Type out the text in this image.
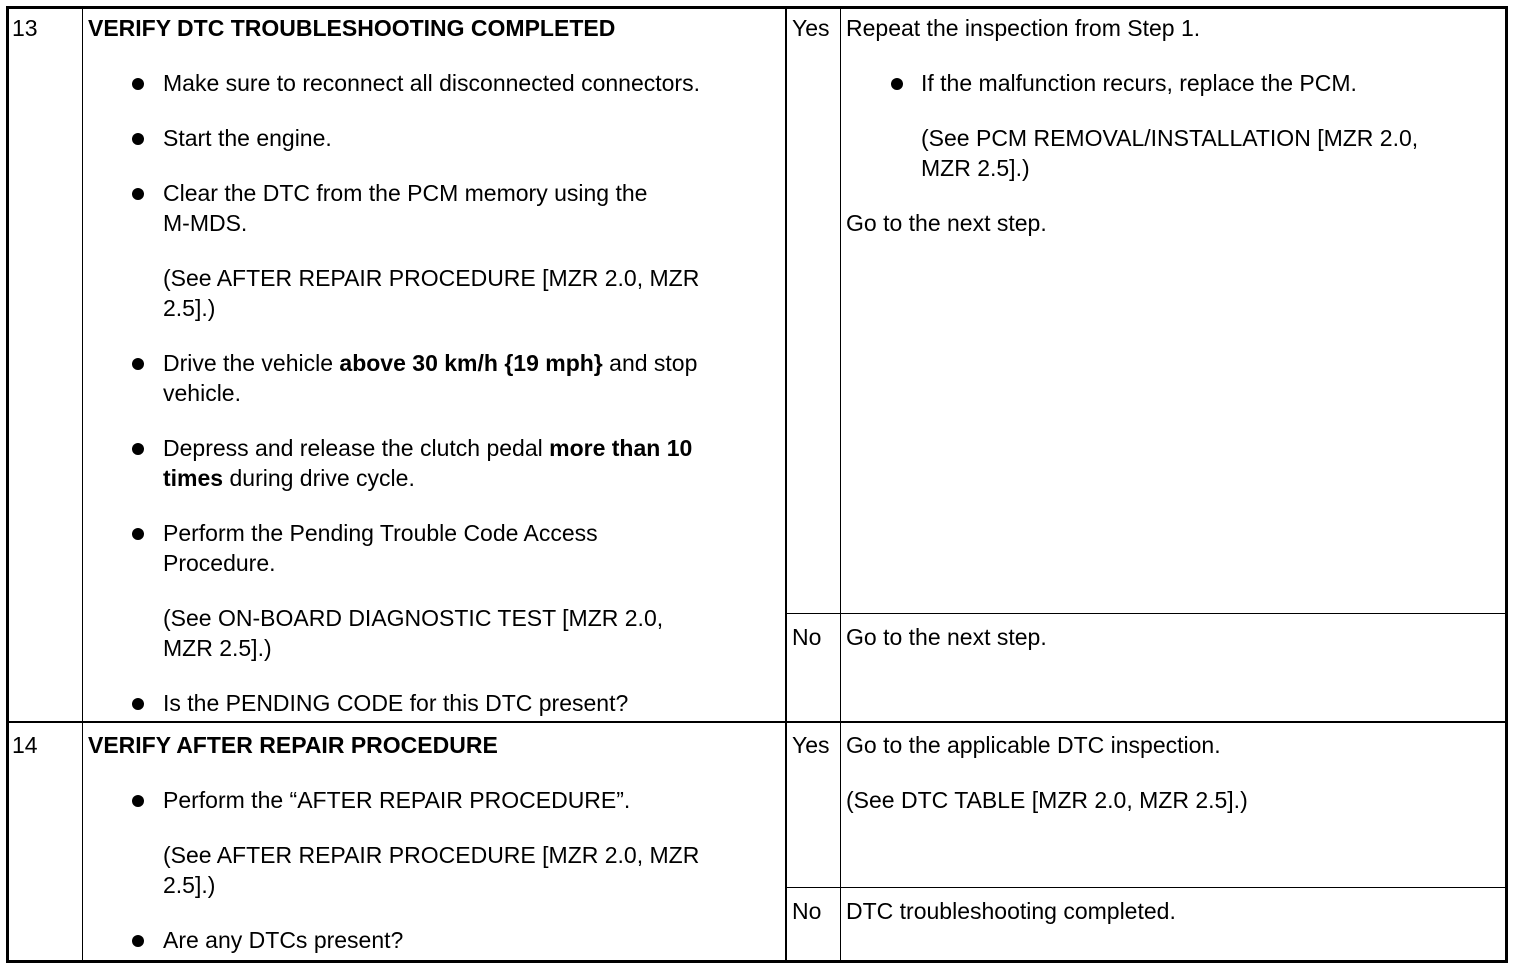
13 VERIFY DTC TROUBLESHOOTING COMPLETED
Make sure to reconnect all disconnected connectors.
Start the engine.
Clear the DTC from the PCM memory using the
M-MDS.
(See AFTER REPAIR PROCEDURE [MZR 2.0, MZR
2.5].)
Drive the vehicle above 30 km/h {19 mph} and stop
vehicle.
Depress and release the clutch pedal more than 10
times during drive cycle.
Perform the Pending Trouble Code Access
Procedure.
(See ON-BOARD DIAGNOSTIC TEST [MZR 2.0,
MZR 2.5].)
Is the PENDING CODE for this DTC present?
Yes Repeat the inspection from Step 1.
If the malfunction recurs, replace the PCM.
(See PCM REMOVAL/INSTALLATION [MZR 2.0,
MZR 2.5].)
Go to the next step.
No Go to the next step.
14 VERIFY AFTER REPAIR PROCEDURE
Perform the “AFTER REPAIR PROCEDURE”.
(See AFTER REPAIR PROCEDURE [MZR 2.0, MZR
2.5].)
Are any DTCs present?
Yes Go to the applicable DTC inspection.
(See DTC TABLE [MZR 2.0, MZR 2.5].)
No DTC troubleshooting completed.
